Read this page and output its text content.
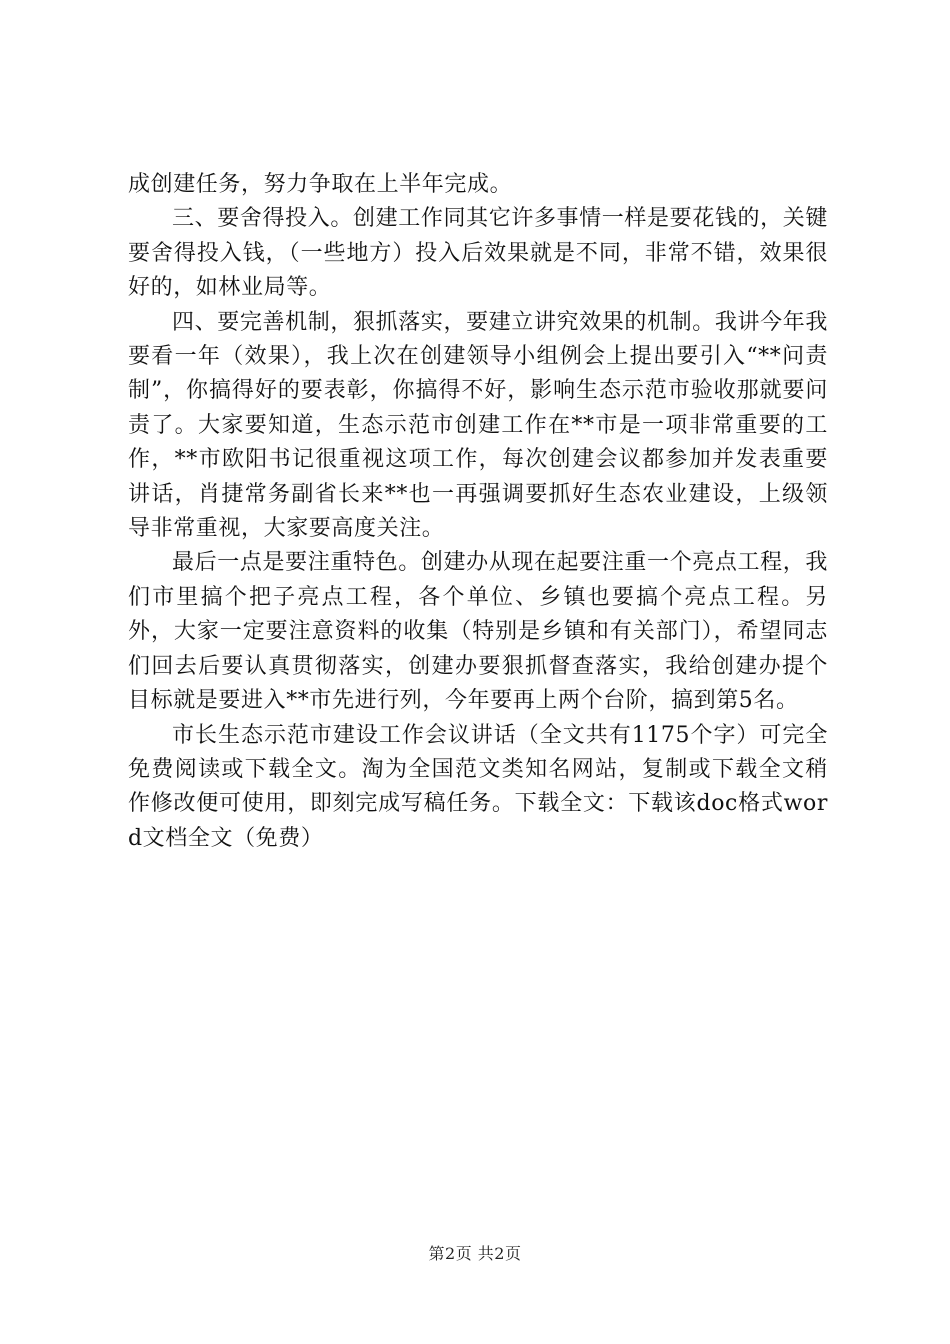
成创建任务，努力争取在上半年完成。

三、要舍得投入。创建工作同其它许多事情一样是要花钱的，关键要舍得投入钱，（一些地方）投入后效果就是不同，非常不错，效果很好的，如林业局等。

四、要完善机制，狠抓落实，要建立讲究效果的机制。我讲今年我要看一年（效果），我上次在创建领导小组例会上提出要引入“**问责制”，你搞得好的要表彰，你搞得不好，影响生态示范市验收那就要问责了。大家要知道，生态示范市创建工作在**市是一项非常重要的工作，**市欧阳书记很重视这项工作，每次创建会议都参加并发表重要讲话，肖捷常务副省长来**也一再强调要抓好生态农业建设，上级领导非常重视，大家要高度关注。

最后一点是要注重特色。创建办从现在起要注重一个亮点工程，我们市里搞个把子亮点工程，各个单位、乡镇也要搞个亮点工程。另外，大家一定要注意资料的收集（特别是乡镇和有关部门），希望同志们回去后要认真贯彻落实，创建办要狠抓督查落实，我给创建办提个目标就是要进入**市先进行列，今年要再上两个台阶，搞到第5名。

市长生态示范市建设工作会议讲话（全文共有1175个字）可完全免费阅读或下载全文。淘为全国范文类知名网站，复制或下载全文稍作修改便可使用，即刻完成写稿任务。下载全文：下载该doc格式word文档全文（免费）

第2页 共2页
